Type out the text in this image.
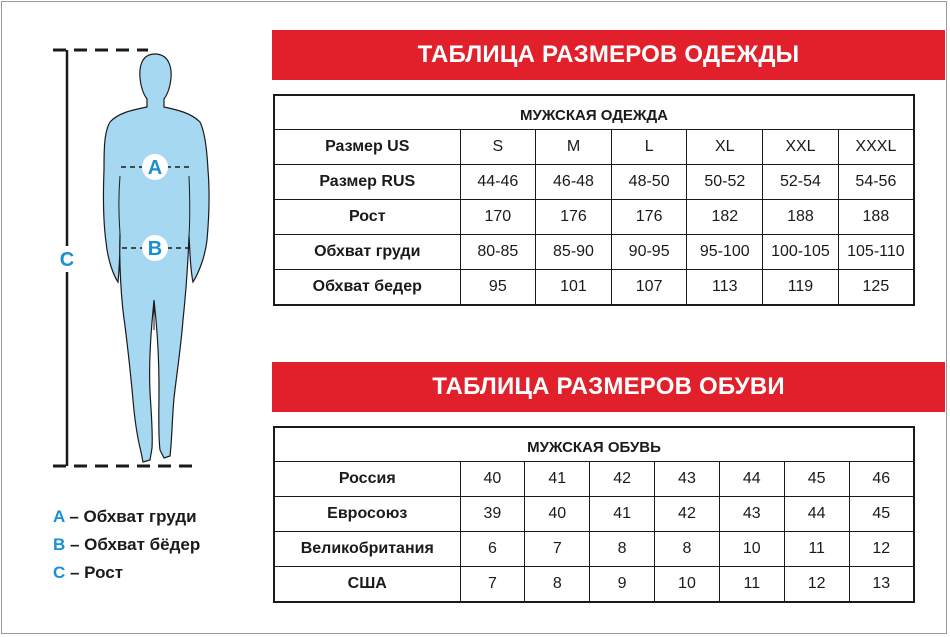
A
B
C
A – Обхват груди
B – Обхват бёдер
C – Рост
ТАБЛИЦА РАЗМЕРОВ ОДЕЖДЫ
МУЖСКАЯ ОДЕЖДА						
Размер US	S	M	L	XL	XXL	XXXL
Размер RUS	44-46	46-48	48-50	50-52	52-54	54-56
Рост	170	176	176	182	188	188
Обхват груди	80-85	85-90	90-95	95-100	100-105	105-110
Обхват бедер	95	101	107	113	119	125
ТАБЛИЦА РАЗМЕРОВ ОБУВИ
МУЖСКАЯ ОБУВЬ							
Россия	40	41	42	43	44	45	46
Евросоюз	39	40	41	42	43	44	45
Великобритания	6	7	8	8	10	11	12
США	7	8	9	10	11	12	13
